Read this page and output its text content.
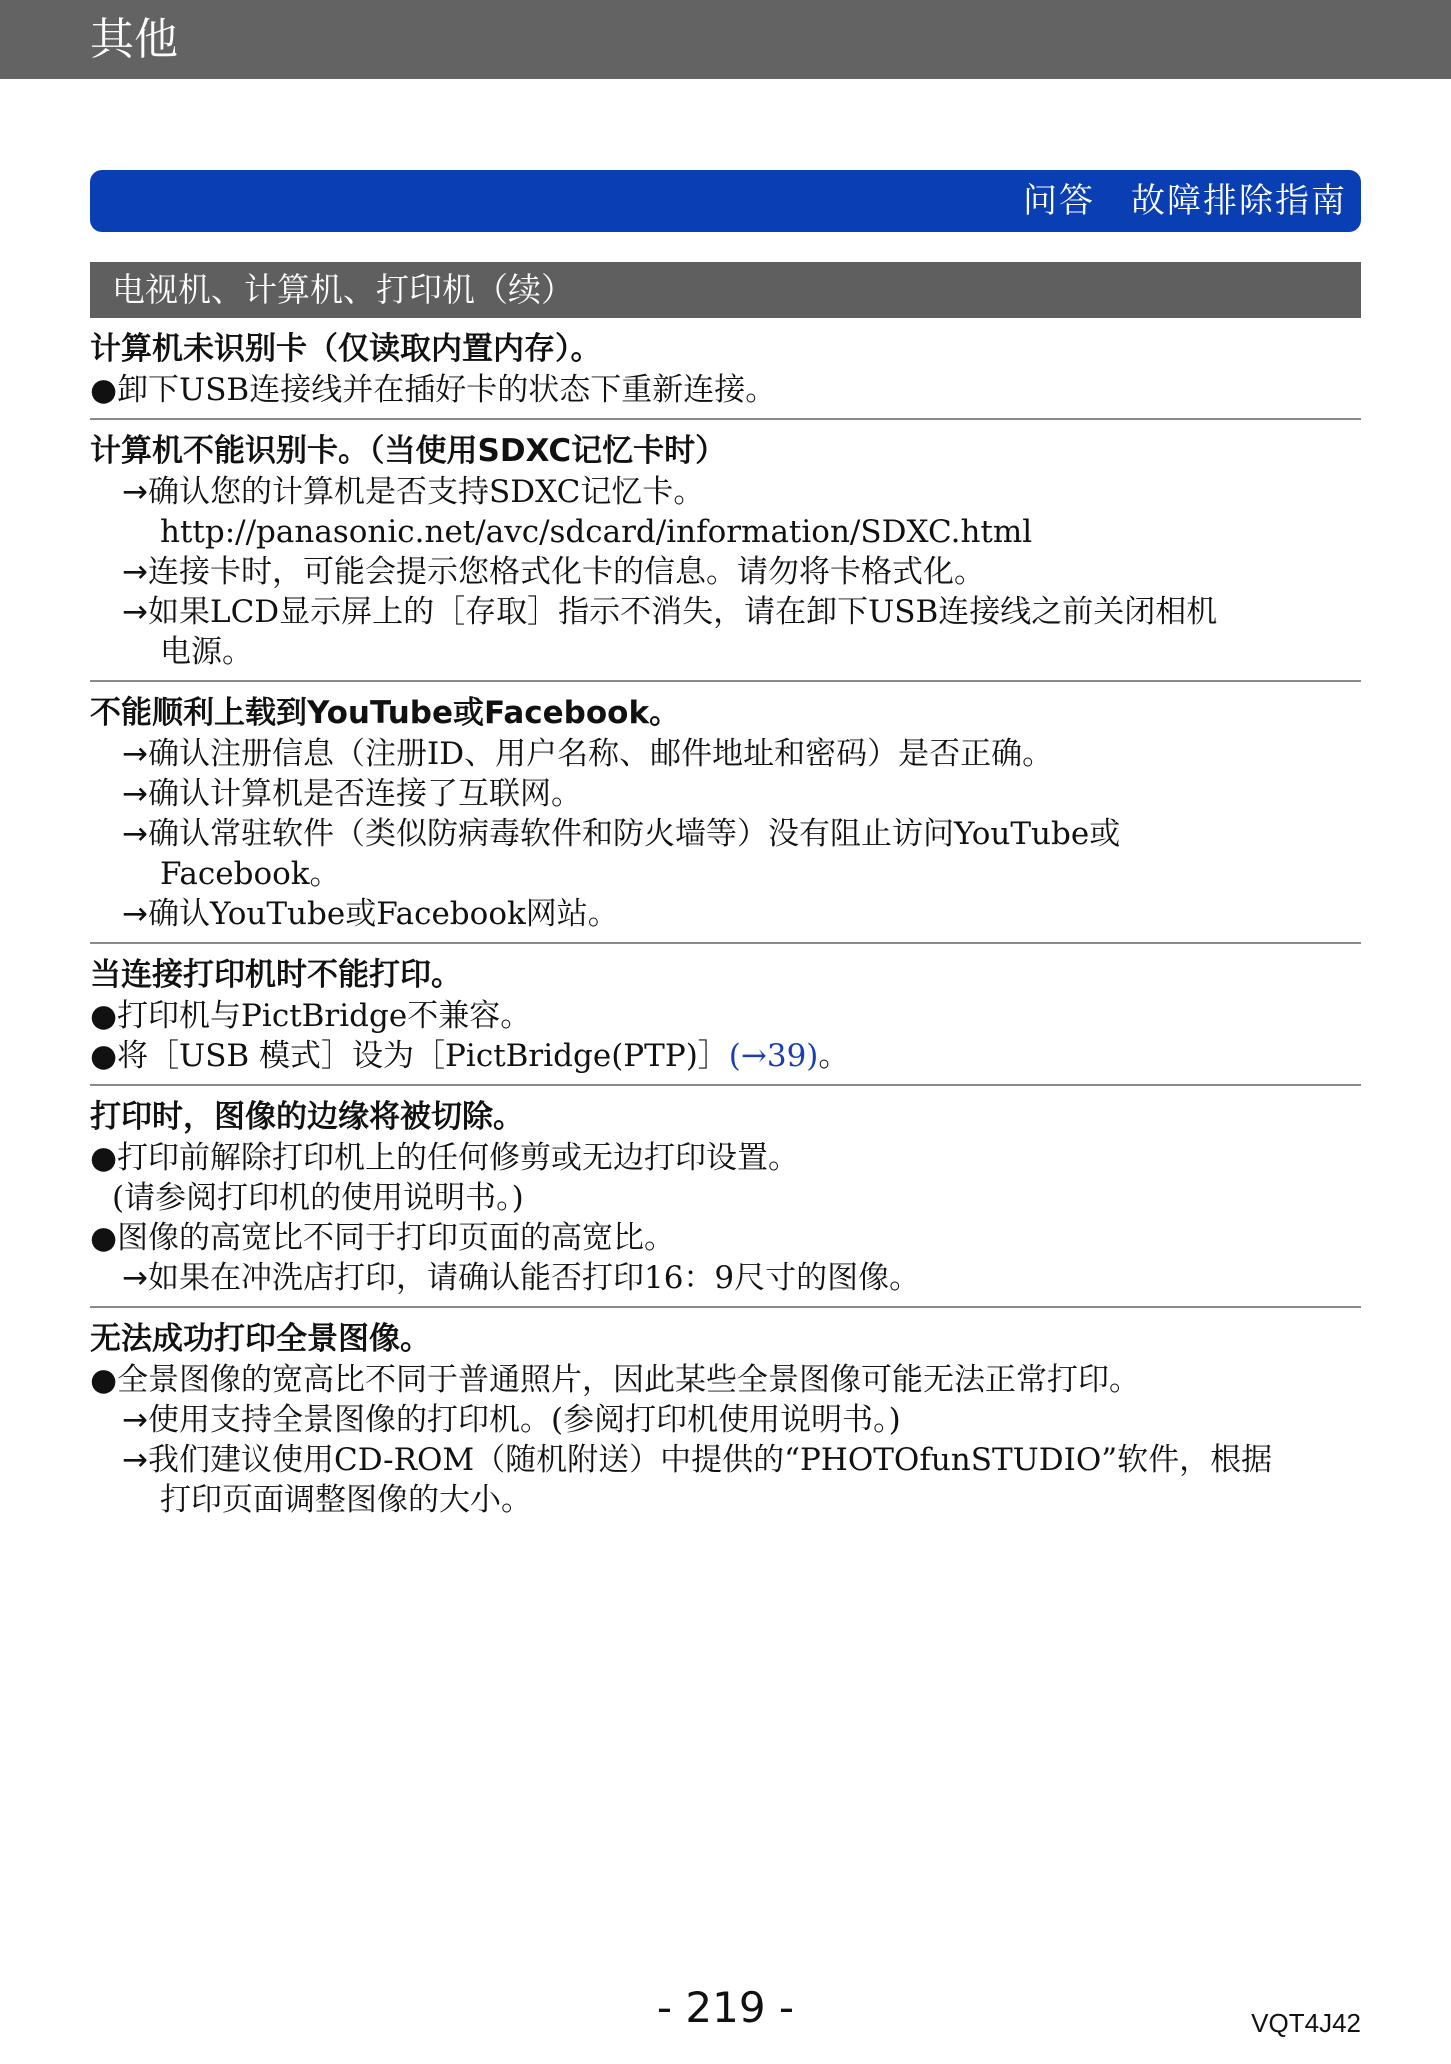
其他
问答　故障排除指南
电视机、计算机、打印机（续）
计算机未识别卡（仅读取内置内存）。
● 卸下USB连接线并在插好卡的状态下重新连接。
计算机不能识别卡。（当使用SDXC记忆卡时）
→ 确认您的计算机是否支持SDXC记忆卡。
http://panasonic.net/avc/sdcard/information/SDXC.html
→ 连接卡时，可能会提示您格式化卡的信息。请勿将卡格式化。
→ 如果LCD显示屏上的［存取］指示不消失，请在卸下USB连接线之前关闭相机
电源。
不能顺利上载到YouTube或Facebook。
→ 确认注册信息（注册ID、用户名称、邮件地址和密码）是否正确。
→ 确认计算机是否连接了互联网。
→ 确认常驻软件（类似防病毒软件和防火墙等）没有阻止访问YouTube或
Facebook。
→ 确认YouTube或Facebook网站。
当连接打印机时不能打印。
● 打印机与PictBridge不兼容。
● 将［USB 模式］设为［PictBridge(PTP)］(→39)。
打印时，图像的边缘将被切除。
● 打印前解除打印机上的任何修剪或无边打印设置。
(请参阅打印机的使用说明书。)
● 图像的高宽比不同于打印页面的高宽比。
→ 如果在冲洗店打印，请确认能否打印16：9尺寸的图像。
无法成功打印全景图像。
● 全景图像的宽高比不同于普通照片，因此某些全景图像可能无法正常打印。
→ 使用支持全景图像的打印机。(参阅打印机使用说明书。)
→ 我们建议使用CD-ROM（随机附送）中提供的“PHOTOfunSTUDIO”软件，根据
打印页面调整图像的大小。
- 219 -	VQT4J42
